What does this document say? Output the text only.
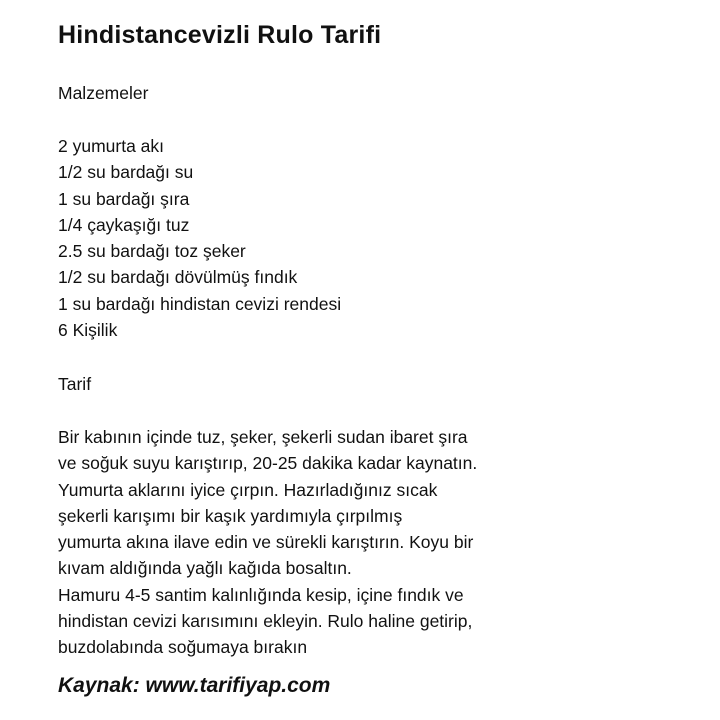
Hindistancevizli Rulo Tarifi
Malzemeler
2 yumurta akı
1/2 su bardağı su
1 su bardağı şıra
1/4 çaykaşığı tuz
2.5 su bardağı toz şeker
1/2 su bardağı dövülmüş fındık
1 su bardağı hindistan cevizi rendesi
6 Kişilik
Tarif
Bir kabının içinde tuz, şeker, şekerli sudan ibaret şıra
ve soğuk suyu karıştırıp, 20-25 dakika kadar kaynatın.
Yumurta aklarını iyice çırpın. Hazırladığınız sıcak
şekerli karışımı bir kaşık yardımıyla çırpılmış
yumurta akına ilave edin ve sürekli karıştırın. Koyu bir
kıvam aldığında yağlı kağıda bosaltın.
Hamuru 4-5 santim kalınlığında kesip, içine fındık ve
hindistan cevizi karısımını ekleyin. Rulo haline getirip,
buzdolabında soğumaya bırakın
Kaynak: www.tarifiyap.com
